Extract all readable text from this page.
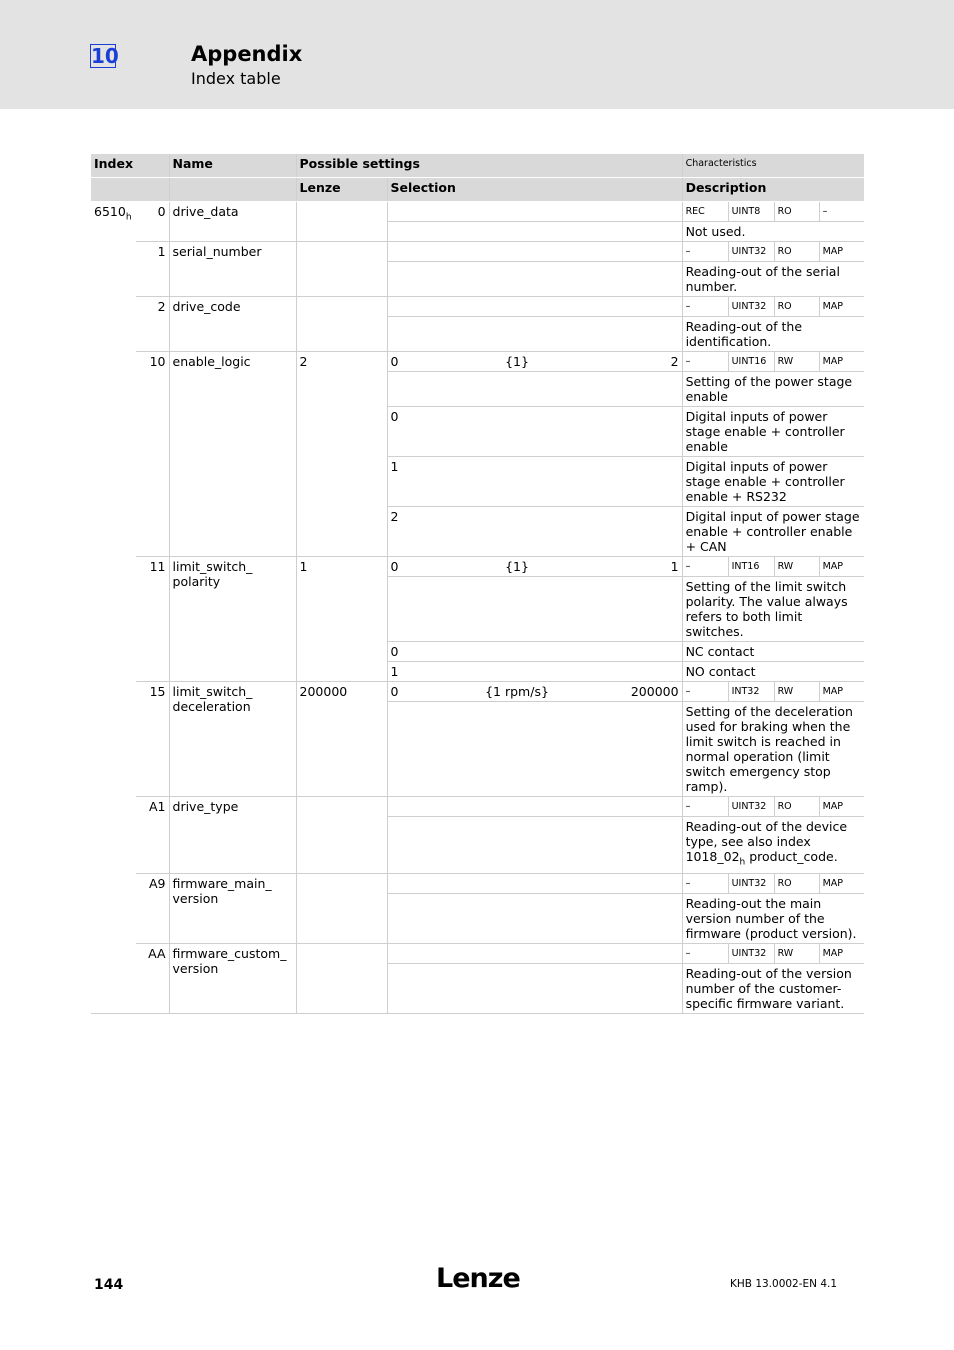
10	Appendix
Index table
Index		Name	Possible settings				Characteristics			
			Lenze	Selection			Description			
$6510_h$	0	drive_data					REC	UINT8	RO	–
							Not used.			
	1	serial_number					–	UINT32	RO	MAP
							Reading-out of the serial number.			
	2	drive_code					–	UINT32	RO	MAP
							Reading-out of the identification.			
	10	enable_logic	2	0	{1}	2	–	UINT16	RW	MAP
							Setting of the power stage enable			
				0			Digital inputs of power stage enable + controller enable			
				1			Digital inputs of power stage enable + controller enable + RS232			
				2			Digital input of power stage enable + controller enable + CAN			
	11	limit_switch_ polarity	1	0	{1}	1	–	INT16	RW	MAP
							Setting of the limit switch polarity. The value always refers to both limit switches.			
				0			NC contact			
				1			NO contact			
	15	limit_switch_ deceleration	200000	0	{1 rpm/s}	200000	–	INT32	RW	MAP
							Setting of the deceleration used for braking when the limit switch is reached in normal operation (limit switch emergency stop ramp).			
	A1	drive_type					–	UINT32	RO	MAP
							Reading-out of the device type, see also index $1018\_02_h$ product_code.			
	A9	firmware_main_ version					–	UINT32	RO	MAP
							Reading-out the main version number of the firmware (product version).			
	AA	firmware_custom_ version					–	UINT32	RW	MAP
							Reading-out of the version number of the customer-specific firmware variant.			
144	Lenze	KHB 13.0002-EN 4.1
